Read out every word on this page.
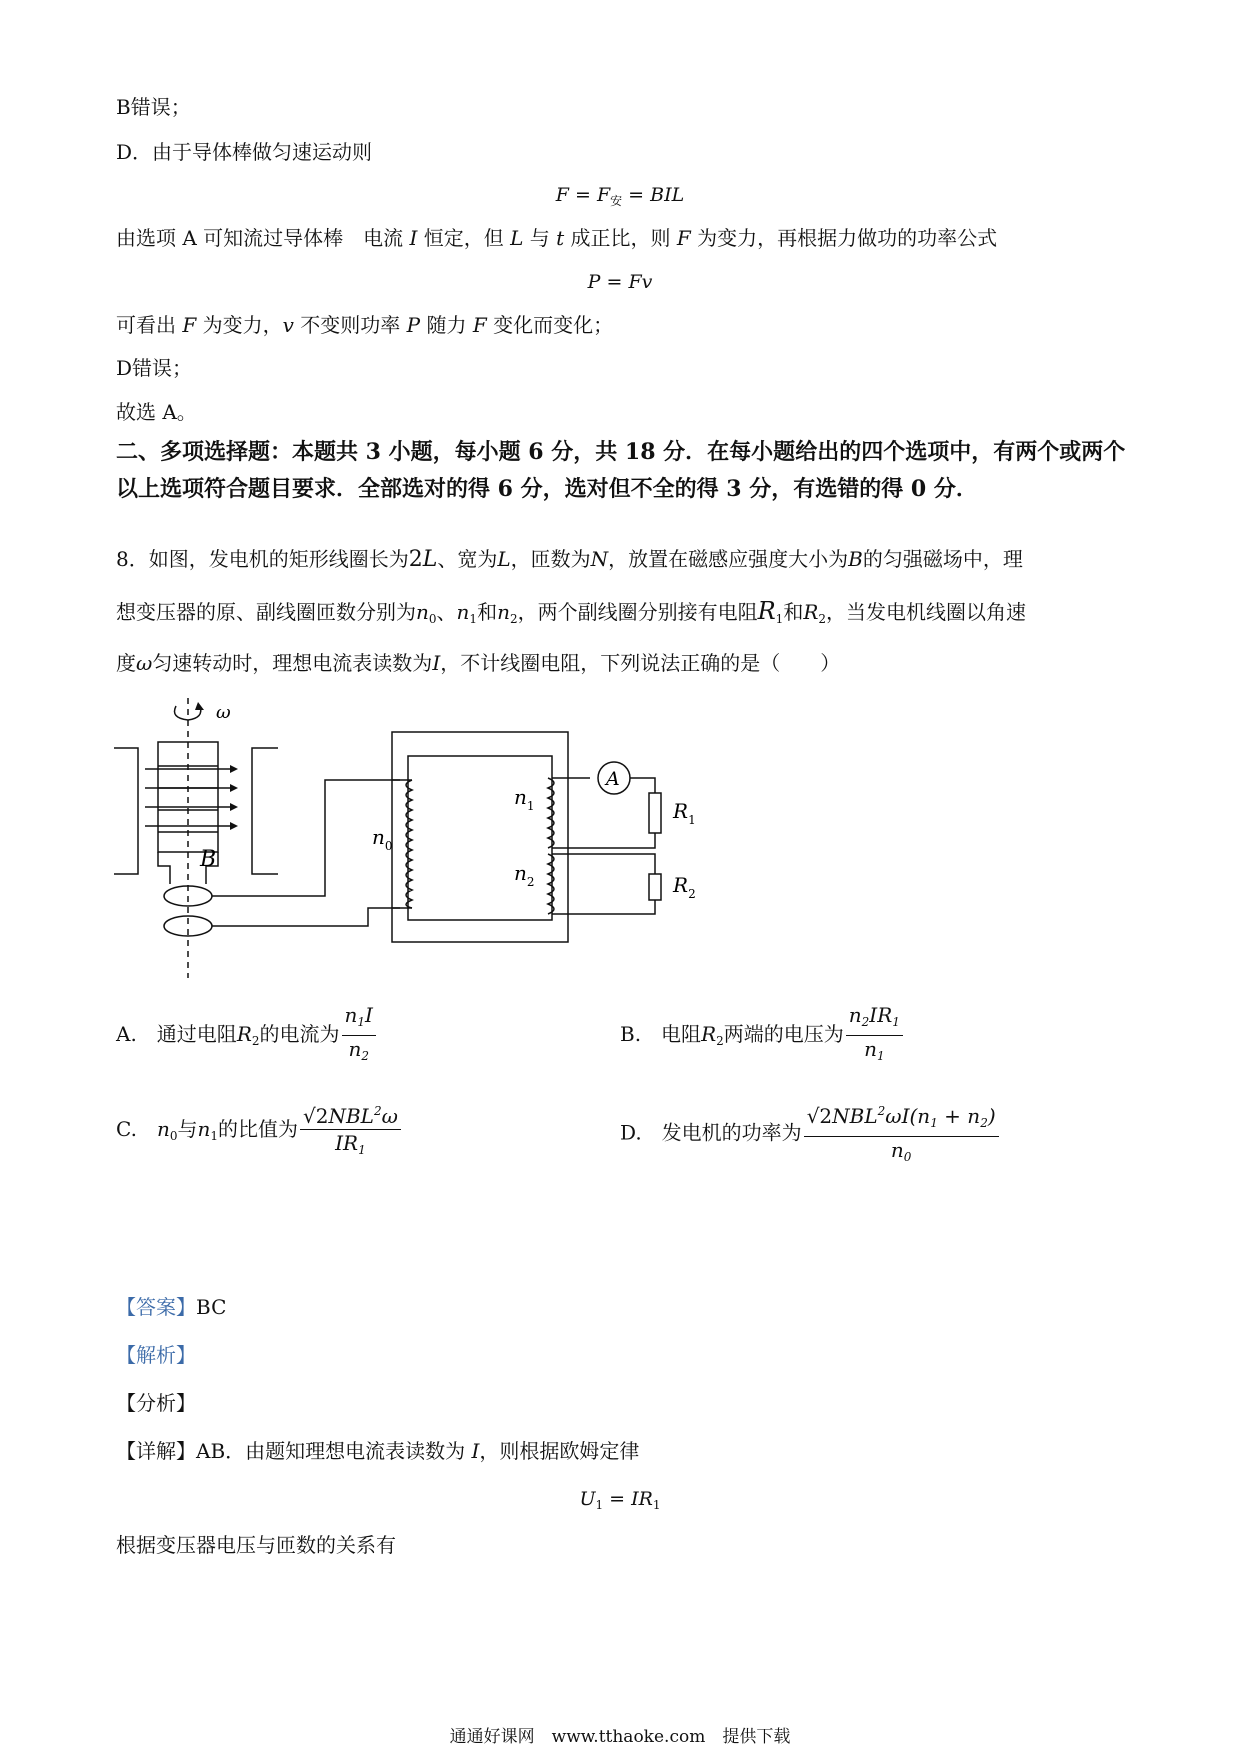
B错误；
D．由于导体棒做匀速运动则
$F = F_安$ = BIL
由选项 A 可知流过导体棒　电流 I 恒定，但 L 与 t 成正比，则 F 为变力，再根据力做功的功率公式
P = Fv
可看出 F 为变力，v 不变则功率 P 随力 F 变化而变化；
D错误；
故选 A。
二、多项选择题：本题共 3 小题，每小题 6 分，共 18 分．在每小题给出的四个选项中，有两个或两个以上选项符合题目要求．全部选对的得 6 分，选对但不全的得 3 分，有选错的得 0 分．
8．如图，发电机的矩形线圈长为2L、宽为L，匝数为N，放置在磁感应强度大小为B的匀强磁场中，理
想变压器的原、副线圈匝数分别为$n_0$、$n_1$和$n_2$，两个副线圈分别接有电阻$R_1$和$R_2$，当发电机线圈以角速
度ω匀速转动时，理想电流表读数为I，不计线圈电阻，下列说法正确的是（　　）
ω
B
A
$n_0$
$n_1$
$n_2$
$R_1$
$R_2$
A.　通过电阻$R_2$的电流为 $\frac{n_1I}{n_2}$	B.　电阻$R_2$两端的电压为 $\frac{n_2IR_1}{n_1}$
C.　$n_0$与$n_1$的比值为 $\frac{√2NBL^2\omega}{IR_1}$	D.　发电机的功率为 $\frac{√2NBL^2\omega I(n_1 + n_2)}{n_0}$
【答案】BC
【解析】
【分析】
【详解】AB．由题知理想电流表读数为 I，则根据欧姆定律
$U_1 = IR_1$
根据变压器电压与匝数的关系有
通通好课网　www.tthaoke.com　提供下载
